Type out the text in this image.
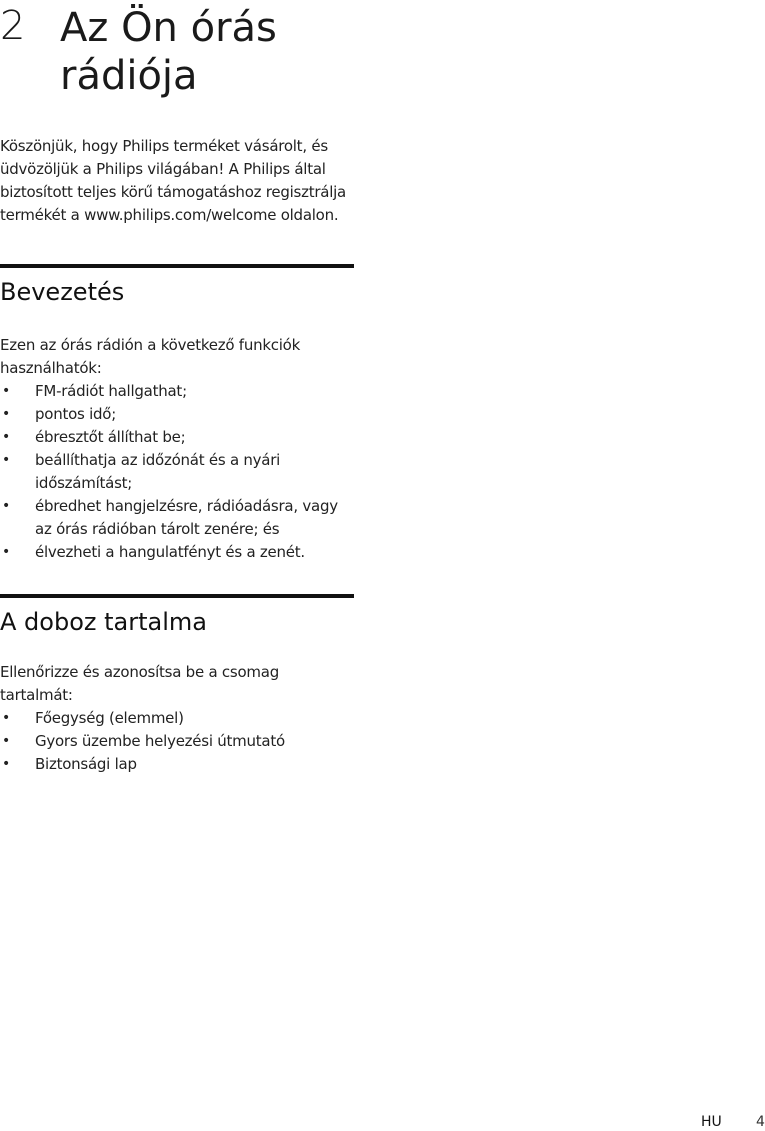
2 Az Ön órás rádiója

Köszönjük, hogy Philips terméket vásárolt, és üdvözöljük a Philips világában! A Philips által biztosított teljes körű támogatáshoz regisztrálja termékét a www.philips.com/welcome oldalon.

Bevezetés

Ezen az órás rádión a következő funkciók használhatók:

• FM-rádiót hallgathat;
• pontos idő;
• ébresztőt állíthat be;
• beállíthatja az időzónát és a nyári időszámítást;
• ébredhet hangjelzésre, rádióadásra, vagy az órás rádióban tárolt zenére; és
• élvezheti a hangulatfényt és a zenét.
A doboz tartalma

Ellenőrizze és azonosítsa be a csomag tartalmát:

• Főegység (elemmel)
• Gyors üzembe helyezési útmutató
• Biztonsági lap
HU 4
